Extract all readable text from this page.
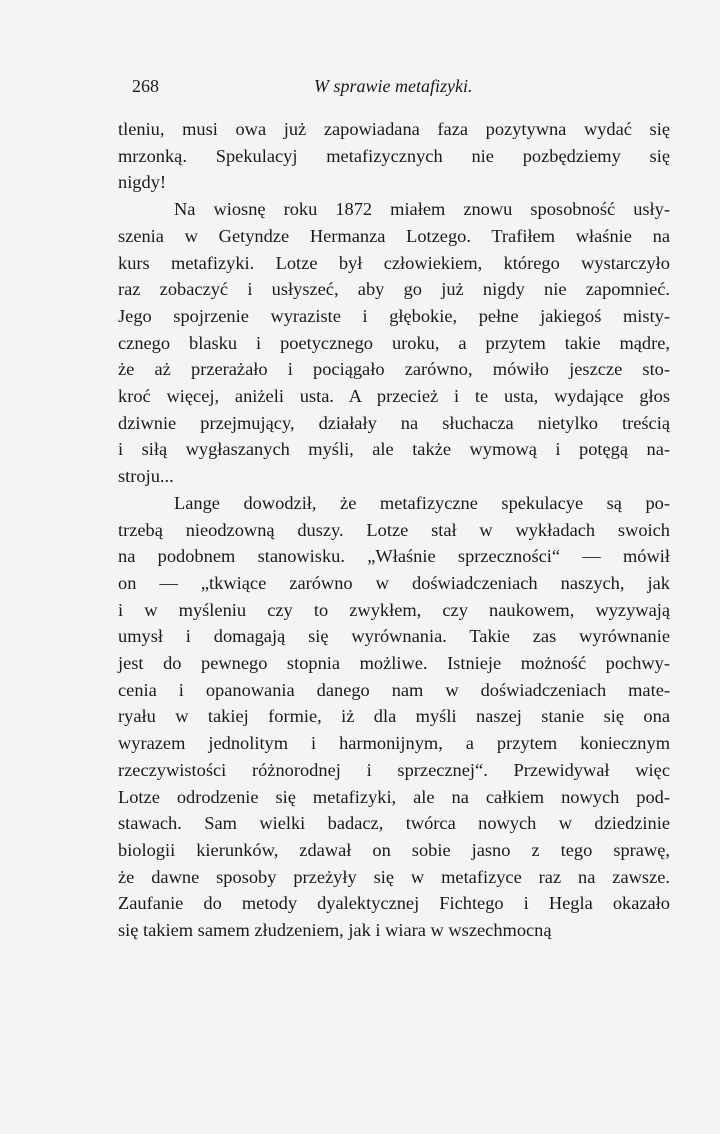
268	W sprawie metafizyki.
tleniu, musi owa już zapowiadana faza pozytywna wydać się
mrzonką. Spekulacyj metafizycznych nie pozbędziemy się
nigdy!
Na wiosnę roku 1872 miałem znowu sposobność usły-
szenia w Getyndze Hermanza Lotzego. Trafiłem właśnie na
kurs metafizyki. Lotze był człowiekiem, którego wystarczyło
raz zobaczyć i usłyszeć, aby go już nigdy nie zapomnieć.
Jego spojrzenie wyraziste i głębokie, pełne jakiegoś misty-
cznego blasku i poetycznego uroku, a przytem takie mądre,
że aż przerażało i pociągało zarówno, mówiło jeszcze sto-
kroć więcej, aniżeli usta. A przecież i te usta, wydające głos
dziwnie przejmujący, działały na słuchacza nietylko treścią
i siłą wygłaszanych myśli, ale także wymową i potęgą na-
stroju...
Lange dowodził, że metafizyczne spekulacye są po-
trzebą nieodzowną duszy. Lotze stał w wykładach swoich
na podobnem stanowisku. „Właśnie sprzeczności“ — mówił
on — „tkwiące zarówno w doświadczeniach naszych, jak
i w myśleniu czy to zwykłem, czy naukowem, wyzywają
umysł i domagają się wyrównania. Takie zas wyrównanie
jest do pewnego stopnia możliwe. Istnieje możność pochwy-
cenia i opanowania danego nam w doświadczeniach mate-
ryału w takiej formie, iż dla myśli naszej stanie się ona
wyrazem jednolitym i harmonijnym, a przytem koniecznym
rzeczywistości różnorodnej i sprzecznej“. Przewidywał więc
Lotze odrodzenie się metafizyki, ale na całkiem nowych pod-
stawach. Sam wielki badacz, twórca nowych w dziedzinie
biologii kierunków, zdawał on sobie jasno z tego sprawę,
że dawne sposoby przeżyły się w metafizyce raz na zawsze.
Zaufanie do metody dyalektycznej Fichtego i Hegla okazało
się takiem samem złudzeniem, jak i wiara w wszechmocną
